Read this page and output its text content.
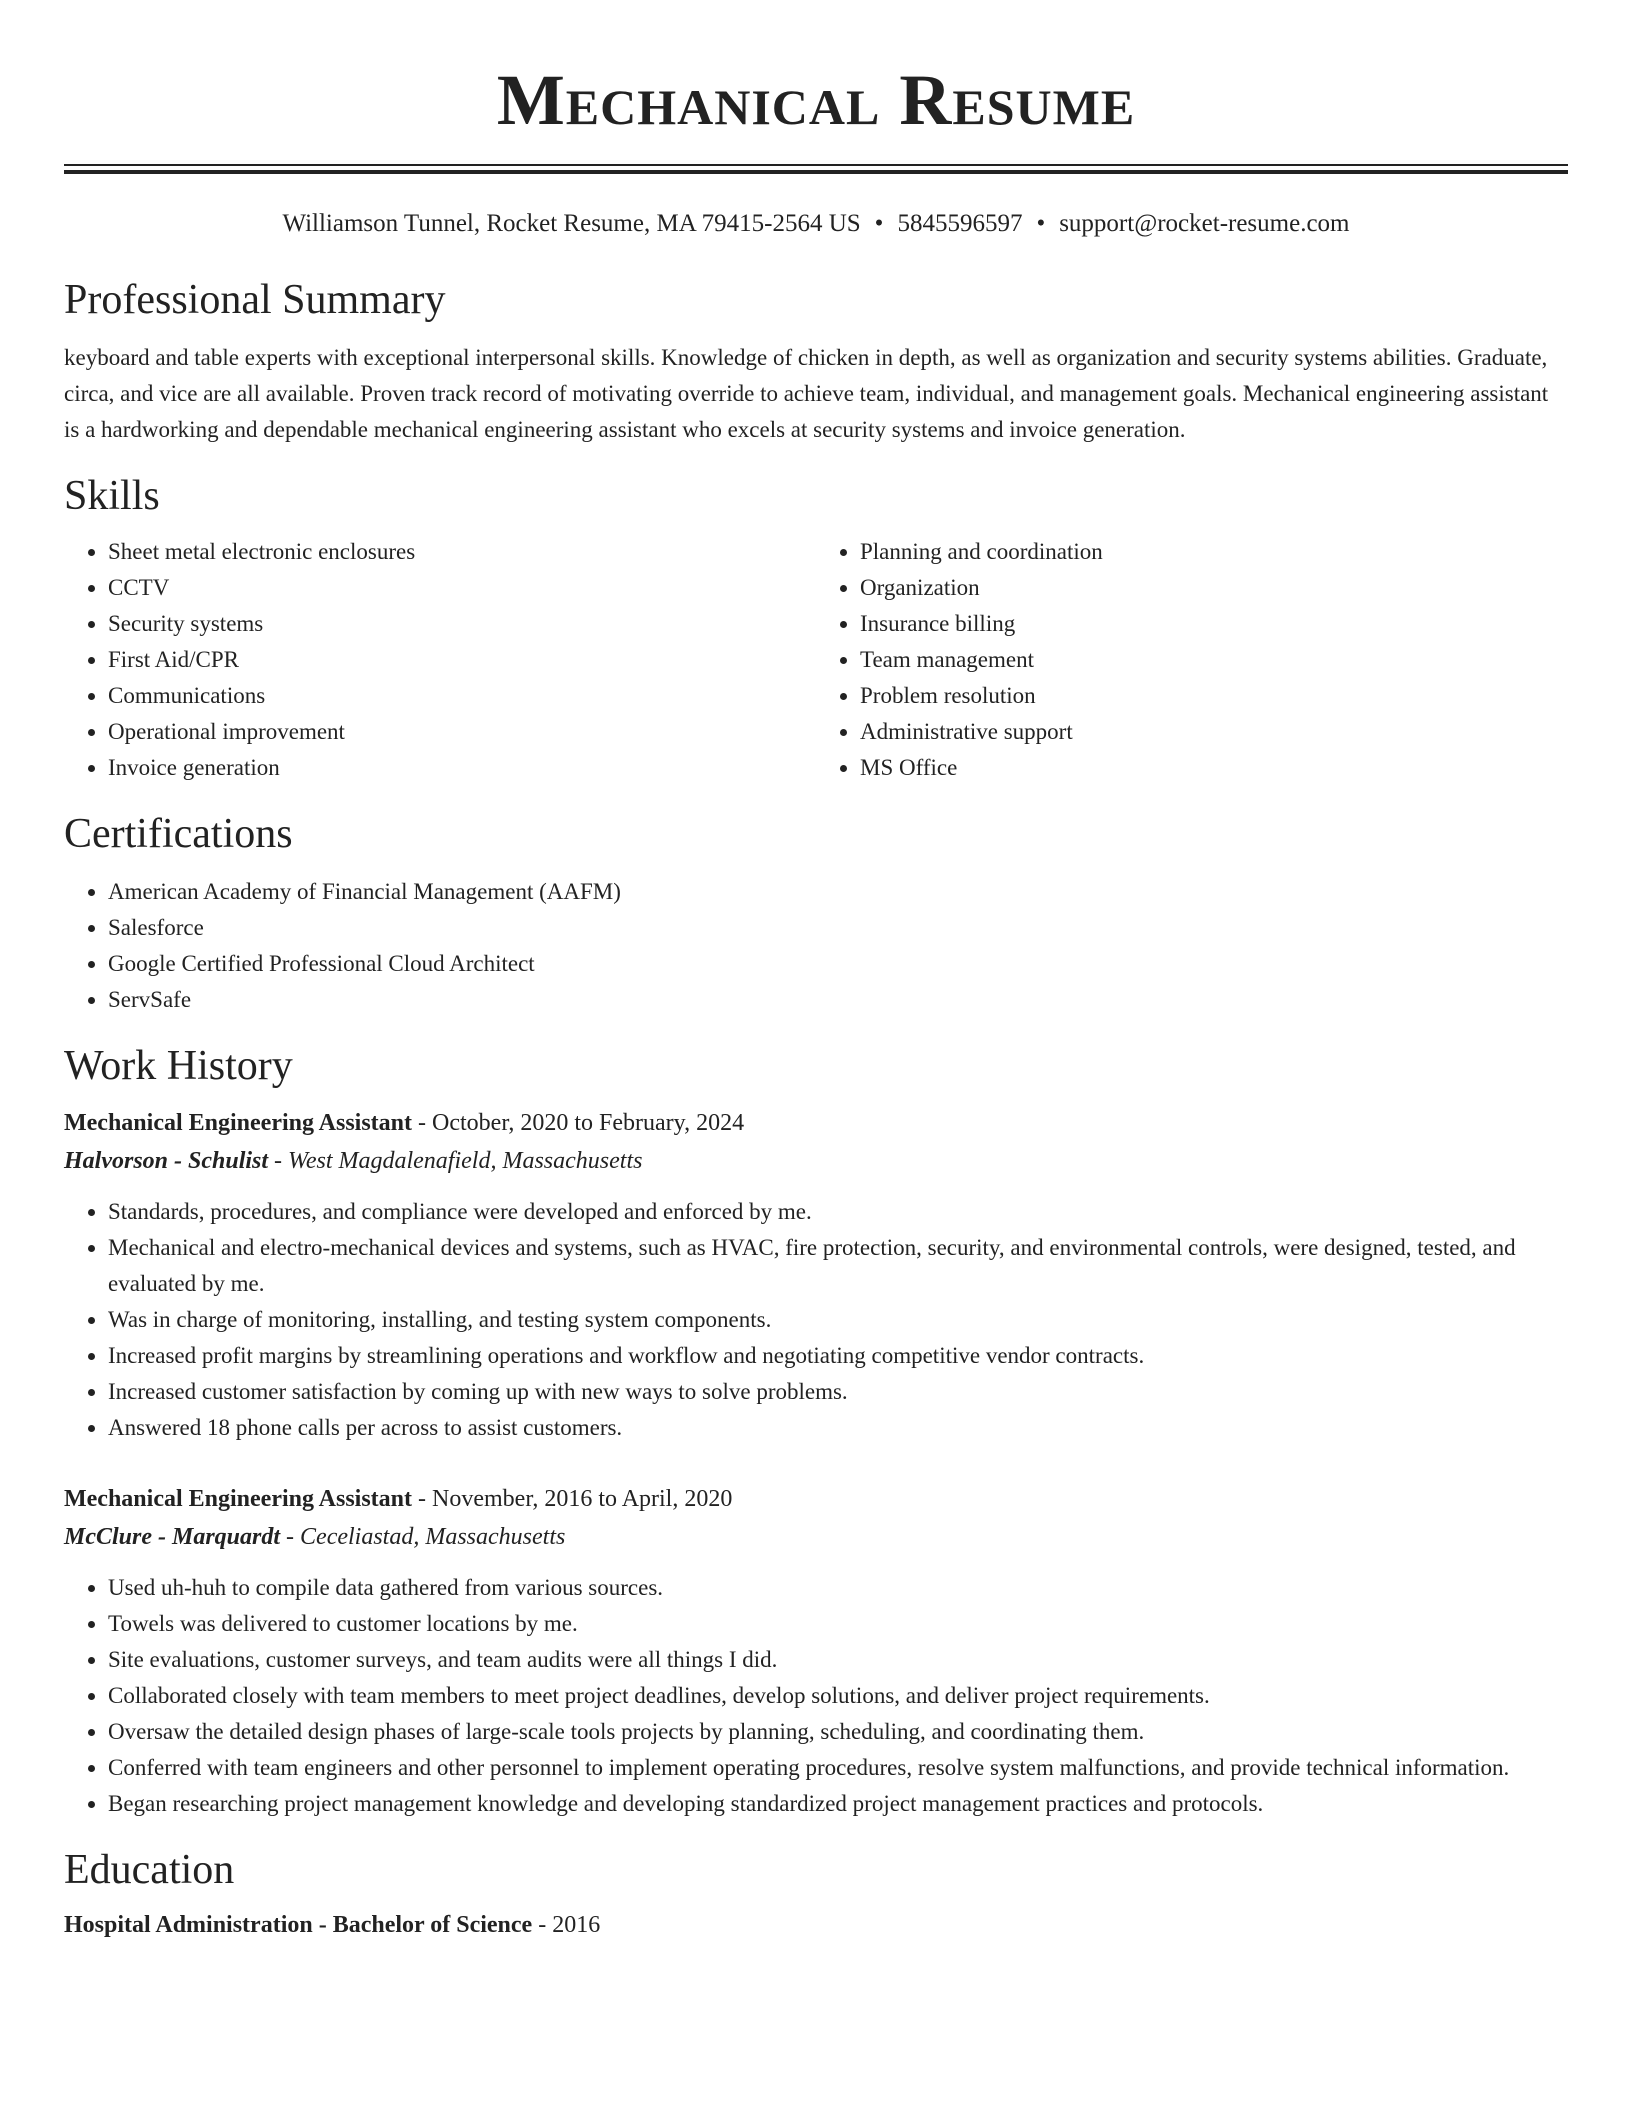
Mechanical Resume
Williamson Tunnel, Rocket Resume, MA 79415-2564 US • 5845596597 • support@rocket-resume.com
Professional Summary

keyboard and table experts with exceptional interpersonal skills. Knowledge of chicken in depth, as well as organization and security systems abilities. Graduate, circa, and vice are all available. Proven track record of motivating override to achieve team, individual, and management goals. Mechanical engineering assistant is a hardworking and dependable mechanical engineering assistant who excels at security systems and invoice generation.

Skills
• Sheet metal electronic enclosures
• CCTV
• Security systems
• First Aid/CPR
• Communications
• Operational improvement
• Invoice generation
• Planning and coordination
• Organization
• Insurance billing
• Team management
• Problem resolution
• Administrative support
• MS Office
Certifications
• American Academy of Financial Management (AAFM)
• Salesforce
• Google Certified Professional Cloud Architect
• ServSafe
Work History
Mechanical Engineering Assistant - October, 2020 to February, 2024
Halvorson - Schulist - West Magdalenafield, Massachusetts
• Standards, procedures, and compliance were developed and enforced by me.
• Mechanical and electro-mechanical devices and systems, such as HVAC, fire protection, security, and environmental controls, were designed, tested, and evaluated by me.
• Was in charge of monitoring, installing, and testing system components.
• Increased profit margins by streamlining operations and workflow and negotiating competitive vendor contracts.
• Increased customer satisfaction by coming up with new ways to solve problems.
• Answered 18 phone calls per across to assist customers.
Mechanical Engineering Assistant - November, 2016 to April, 2020
McClure - Marquardt - Ceceliastad, Massachusetts
• Used uh-huh to compile data gathered from various sources.
• Towels was delivered to customer locations by me.
• Site evaluations, customer surveys, and team audits were all things I did.
• Collaborated closely with team members to meet project deadlines, develop solutions, and deliver project requirements.
• Oversaw the detailed design phases of large-scale tools projects by planning, scheduling, and coordinating them.
• Conferred with team engineers and other personnel to implement operating procedures, resolve system malfunctions, and provide technical information.
• Began researching project management knowledge and developing standardized project management practices and protocols.
Education
Hospital Administration - Bachelor of Science - 2016
